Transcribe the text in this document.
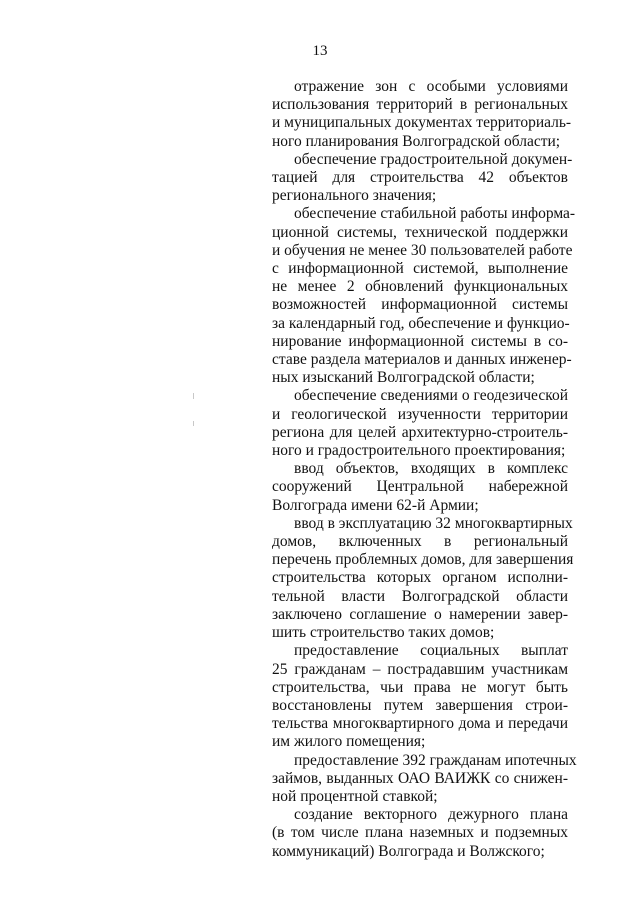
13
отражение зон с особыми условиями
использования территорий в региональных
и муниципальных документах территориаль-
ного планирования Волгоградской области;
обеспечение градостроительной докумен-
тацией для строительства 42 объектов
регионального значения;
обеспечение стабильной работы информа-
ционной системы, технической поддержки
и обучения не менее 30 пользователей работе
с информационной системой, выполнение
не менее 2 обновлений функциональных
возможностей информационной системы
за календарный год, обеспечение и функцио-
нирование информационной системы в со-
ставе раздела материалов и данных инженер-
ных изысканий Волгоградской области;
обеспечение сведениями о геодезической
и геологической изученности территории
региона для целей архитектурно-строитель-
ного и градостроительного проектирования;
ввод объектов, входящих в комплекс
сооружений Центральной набережной
Волгограда имени 62-й Армии;
ввод в эксплуатацию 32 многоквартирных
домов, включенных в региональный
перечень проблемных домов, для завершения
строительства которых органом исполни-
тельной власти Волгоградской области
заключено соглашение о намерении завер-
шить строительство таких домов;
предоставление социальных выплат
25 гражданам – пострадавшим участникам
строительства, чьи права не могут быть
восстановлены путем завершения строи-
тельства многоквартирного дома и передачи
им жилого помещения;
предоставление 392 гражданам ипотечных
займов, выданных ОАО ВАИЖК со снижен-
ной процентной ставкой;
создание векторного дежурного плана
(в том числе плана наземных и подземных
коммуникаций) Волгограда и Волжского;
